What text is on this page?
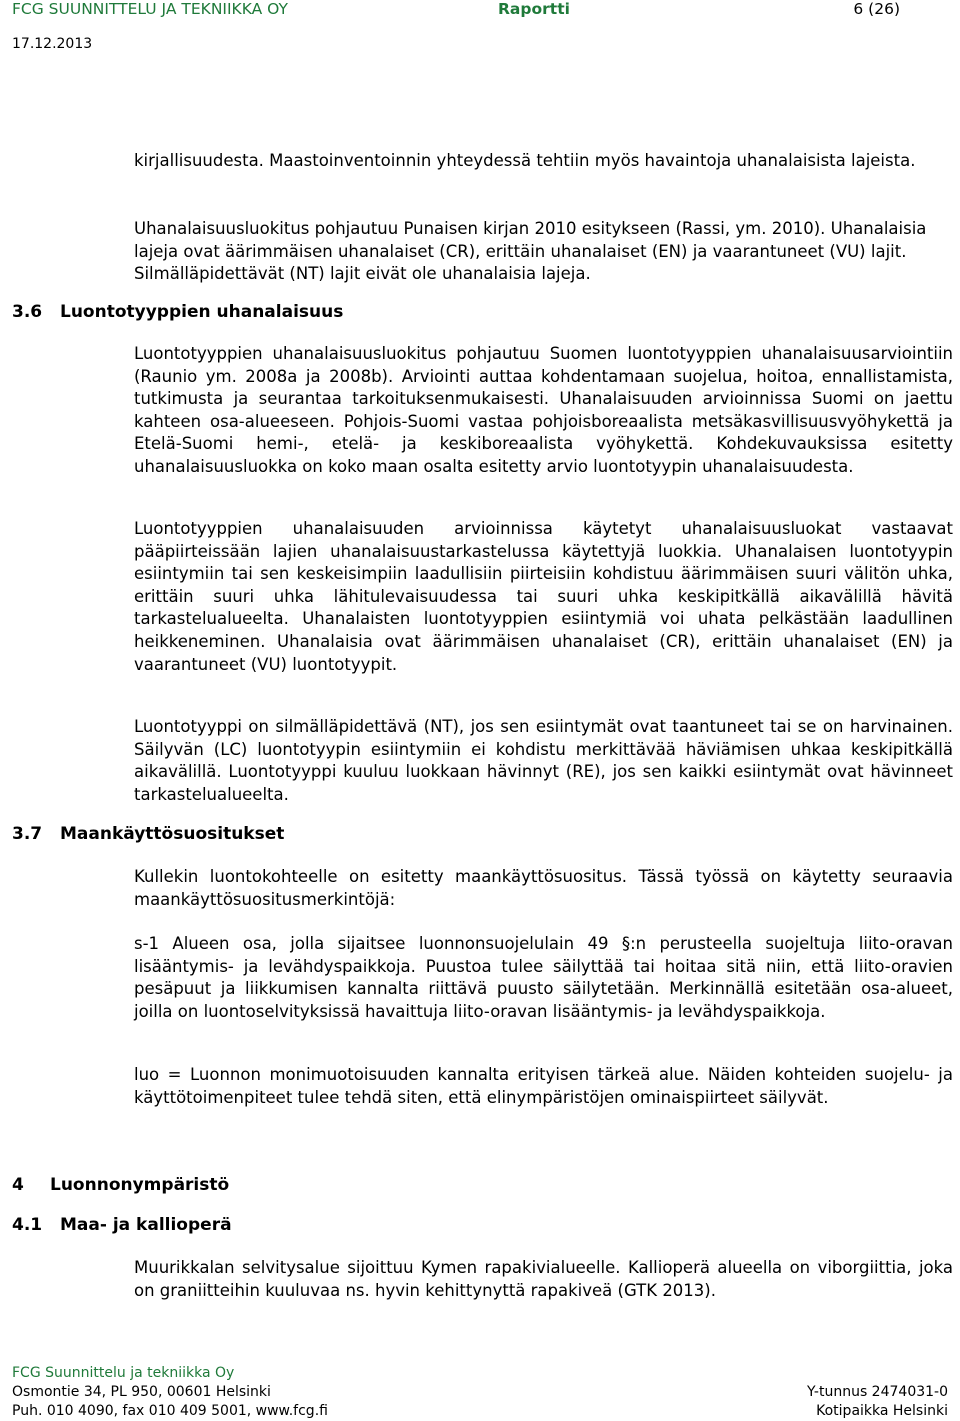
FCG SUUNNITTELU JA TEKNIIKKA OY	Raportti	6 (26)
17.12.2013

kirjallisuudesta. Maastoinventoinnin yhteydessä tehtiin myös havaintoja uhanalaisista lajeista.

Uhanalaisuusluokitus pohjautuu Punaisen kirjan 2010 esitykseen (Rassi, ym. 2010). Uhanalaisia lajeja ovat äärimmäisen uhanalaiset (CR), erittäin uhanalaiset (EN) ja vaarantuneet (VU) lajit. Silmälläpidettävät (NT) lajit eivät ole uhanalaisia lajeja.

3.6 Luontotyyppien uhanalaisuus

Luontotyyppien uhanalaisuusluokitus pohjautuu Suomen luontotyyppien uhanalaisuusarviointiin (Raunio ym. 2008a ja 2008b). Arviointi auttaa kohdentamaan suojelua, hoitoa, ennallistamista, tutkimusta ja seurantaa tarkoituksenmukaisesti. Uhanalaisuuden arvioinnissa Suomi on jaettu kahteen osa-alueeseen. Pohjois-Suomi vastaa pohjoisboreaalista metsäkasvillisuusvyöhykettä ja Etelä-Suomi hemi-, etelä- ja keskiboreaalista vyöhykettä. Kohdekuvauksissa esitetty uhanalaisuusluokka on koko maan osalta esitetty arvio luontotyypin uhanalaisuudesta.

Luontotyyppien uhanalaisuuden arvioinnissa käytetyt uhanalaisuusluokat vastaavat pääpiirteissään lajien uhanalaisuustarkastelussa käytettyjä luokkia. Uhanalaisen luontotyypin esiintymiin tai sen keskeisimpiin laadullisiin piirteisiin kohdistuu äärimmäisen suuri välitön uhka, erittäin suuri uhka lähitulevaisuudessa tai suuri uhka keskipitkällä aikavälillä hävitä tarkastelualueelta. Uhanalaisten luontotyyppien esiintymiä voi uhata pelkästään laadullinen heikkeneminen. Uhanalaisia ovat äärimmäisen uhanalaiset (CR), erittäin uhanalaiset (EN) ja vaarantuneet (VU) luontotyypit.

Luontotyyppi on silmälläpidettävä (NT), jos sen esiintymät ovat taantuneet tai se on harvinainen. Säilyvän (LC) luontotyypin esiintymiin ei kohdistu merkittävää häviämisen uhkaa keskipitkällä aikavälillä. Luontotyyppi kuuluu luokkaan hävinnyt (RE), jos sen kaikki esiintymät ovat hävinneet tarkastelualueelta.

3.7 Maankäyttösuositukset

Kullekin luontokohteelle on esitetty maankäyttösuositus. Tässä työssä on käytetty seuraavia maankäyttösuositusmerkintöjä:

s-1 Alueen osa, jolla sijaitsee luonnonsuojelulain 49 §:n perusteella suojeltuja liito-oravan lisääntymis- ja levähdyspaikkoja. Puustoa tulee säilyttää tai hoitaa sitä niin, että liito-oravien pesäpuut ja liikkumisen kannalta riittävä puusto säilytetään. Merkinnällä esitetään osa-alueet, joilla on luontoselvityksissä havaittuja liito-oravan lisääntymis- ja levähdyspaikkoja.

luo = Luonnon monimuotoisuuden kannalta erityisen tärkeä alue. Näiden kohteiden suojelu- ja käyttötoimenpiteet tulee tehdä siten, että elinympäristöjen ominaispiirteet säilyvät.

4 Luonnonympäristö
4.1 Maa- ja kallioperä

Muurikkalan selvitysalue sijoittuu Kymen rapakivialueelle. Kallioperä alueella on viborgiittia, joka on graniitteihin kuuluvaa ns. hyvin kehittynyttä rapakiveä (GTK 2013).

FCG Suunnittelu ja tekniikka Oy
Osmontie 34, PL 950, 00601 Helsinki	Y-tunnus 2474031-0
Puh. 010 4090, fax 010 409 5001, www.fcg.fi	Kotipaikka Helsinki
